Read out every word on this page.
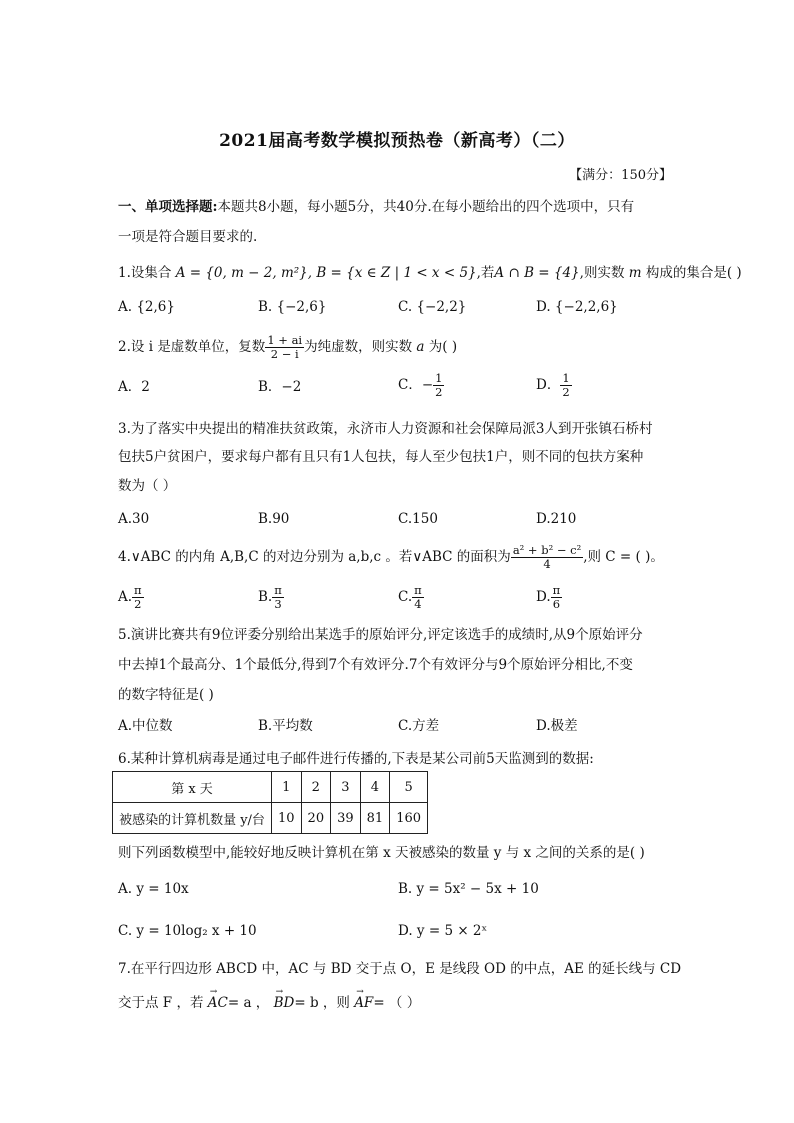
2021届高考数学模拟预热卷（新高考）（二）
【满分：150分】
一、单项选择题:本题共8小题，每小题5分，共40分.在每小题给出的四个选项中，只有
一项是符合题目要求的.
1.设集合 A = {0, m − 2, m²}, B = {x ∈ Z | 1 < x < 5},若A ∩ B = {4},则实数 m 构成的集合是( )
A. {2,6}	B. {−2,6}	C. {−2,2}	D. {−2,2,6}
2.设 i 是虚数单位，复数 $\frac{1 + ai}{2 - i}$ 为纯虚数，则实数 a 为( )
A．2	B．−2	C．− $\frac{1}{2}$	D． $\frac{1}{2}$
3.为了落实中央提出的精准扶贫政策，永济市人力资源和社会保障局派3人到开张镇石桥村
包扶5户贫困户，要求每户都有且只有1人包扶，每人至少包扶1户，则不同的包扶方案种
数为（ ）
A.30	B.90	C.150	D.210
4.∨ABC 的内角 A,B,C 的对边分别为 a,b,c 。若∨ABC 的面积为 $\frac{\text{a² + b² − c²}}{4}$ ,则 C = ( )。
A. $\frac{\pi}{2}$	B. $\frac{\pi}{3}$	C. $\frac{\pi}{4}$	D. $\frac{\pi}{6}$
5.演讲比赛共有9位评委分别给出某选手的原始评分,评定该选手的成绩时,从9个原始评分
中去掉1个最高分、1个最低分,得到7个有效评分.7个有效评分与9个原始评分相比,不变
的数字特征是( )
A.中位数	B.平均数	C.方差	D.极差
6.某种计算机病毒是通过电子邮件进行传播的,下表是某公司前5天监测到的数据:
第 x 天	1	2	3	4	5
被感染的计算机数量 y/台	10	20	39	81	160
则下列函数模型中,能较好地反映计算机在第 x 天被感染的数量 y 与 x 之间的关系的是( )
A. y = 10x	B. y = 5x² − 5x + 10
C. y = 10log₂ x + 10	D. y = 5 × 2ˣ
7.在平行四边形 ABCD 中，AC 与 BD 交于点 O，E 是线段 OD 的中点，AE 的延长线与 CD
交于点 F ，若 → AC= a ， → BD= b ，则 → AF= （ ）
